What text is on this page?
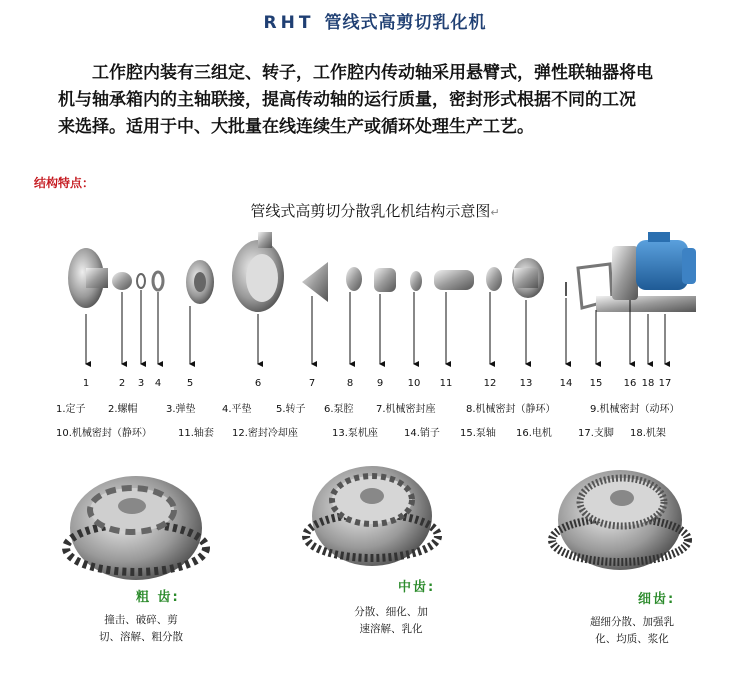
RHT 管线式高剪切乳化机
工作腔内装有三组定、转子，工作腔内传动轴采用悬臂式，弹性联轴器将电
机与轴承箱内的主轴联接，提高传动轴的运行质量，密封形式根据不同的工况
来选择。适用于中、大批量在线连续生产或循环处理生产工艺。
结构特点：
管线式高剪切分散乳化机结构示意图↵
1	2	3	4	5	6	7	8	9	10	11	12	13	14	15	16 18 17
1.定子 2.螺帽	3.弹垫	4.平垫 5.转子 6.泵腔 7.机械密封座	8.机械密封（静环）	9.机械密封（动环）
10.机械密封（静环）	11.轴套 12.密封冷却座	13.泵机座	14.销子 15.泵轴 16.电机	17.支脚 18.机架
粗 齿:
撞击、破碎、剪
切、溶解、粗分散
中齿:
分散、细化、加
速溶解、乳化
细齿:
超细分散、加强乳
化、均质、浆化
